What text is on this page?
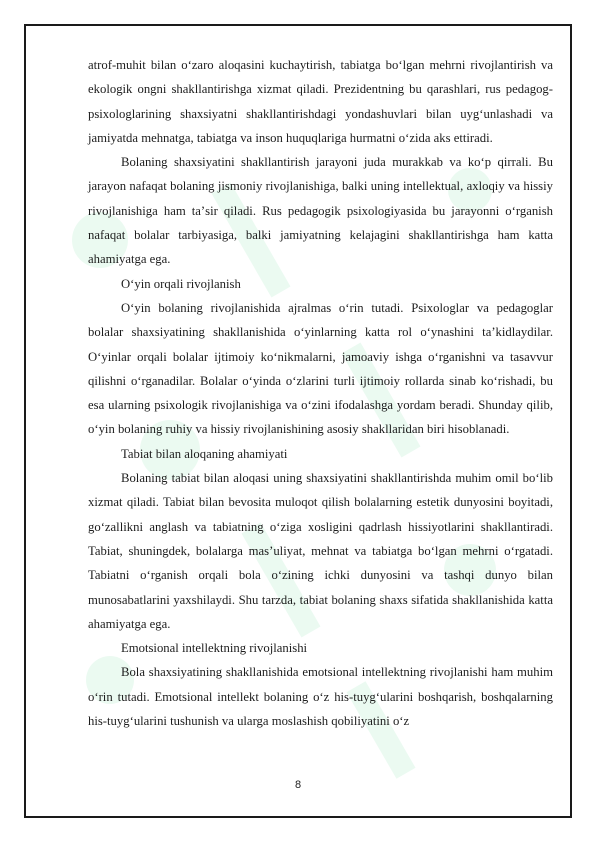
atrof-muhit bilan oʻzaro aloqasini kuchaytirish, tabiatga boʻlgan mehrni rivojlantirish va ekologik ongni shakllantirishga xizmat qiladi. Prezidentning bu qarashlari, rus pedagog-psixologlarining shaxsiyatni shakllantirishdagi yondashuvlari bilan uygʻunlashadi va jamiyatda mehnatga, tabiatga va inson huquqlariga hurmatni oʻzida aks ettiradi.

Bolaning shaxsiyatini shakllantirish jarayoni juda murakkab va koʻp qirrali. Bu jarayon nafaqat bolaning jismoniy rivojlanishiga, balki uning intellektual, axloqiy va hissiy rivojlanishiga ham taʼsir qiladi. Rus pedagogik psixologiyasida bu jarayonni oʻrganish nafaqat bolalar tarbiyasiga, balki jamiyatning kelajagini shakllantirishga ham katta ahamiyatga ega.

Oʻyin orqali rivojlanish

Oʻyin bolaning rivojlanishida ajralmas oʻrin tutadi. Psixologlar va pedagoglar bolalar shaxsiyatining shakllanishida oʻyinlarning katta rol oʻynashini taʼkidlaydilar. Oʻyinlar orqali bolalar ijtimoiy koʻnikmalarni, jamoaviy ishga oʻrganishni va tasavvur qilishni oʻrganadilar. Bolalar oʻyinda oʻzlarini turli ijtimoiy rollarda sinab koʻrishadi, bu esa ularning psixologik rivojlanishiga va oʻzini ifodalashga yordam beradi. Shunday qilib, oʻyin bolaning ruhiy va hissiy rivojlanishining asosiy shakllaridan biri hisoblanadi.

Tabiat bilan aloqaning ahamiyati

Bolaning tabiat bilan aloqasi uning shaxsiyatini shakllantirishda muhim omil boʻlib xizmat qiladi. Tabiat bilan bevosita muloqot qilish bolalarning estetik dunyosini boyitadi, goʻzallikni anglash va tabiatning oʻziga xosligini qadrlash hissiyotlarini shakllantiradi. Tabiat, shuningdek, bolalarga masʼuliyat, mehnat va tabiatga boʻlgan mehrni oʻrgatadi. Tabiatni oʻrganish orqali bola oʻzining ichki dunyosini va tashqi dunyo bilan munosabatlarini yaxshilaydi. Shu tarzda, tabiat bolaning shaxs sifatida shakllanishida katta ahamiyatga ega.

Emotsional intellektning rivojlanishi

Bola shaxsiyatining shakllanishida emotsional intellektning rivojlanishi ham muhim oʻrin tutadi. Emotsional intellekt bolaning oʻz his-tuygʻularini boshqarish, boshqalarning his-tuygʻularini tushunish va ularga moslashish qobiliyatini oʻz

8
